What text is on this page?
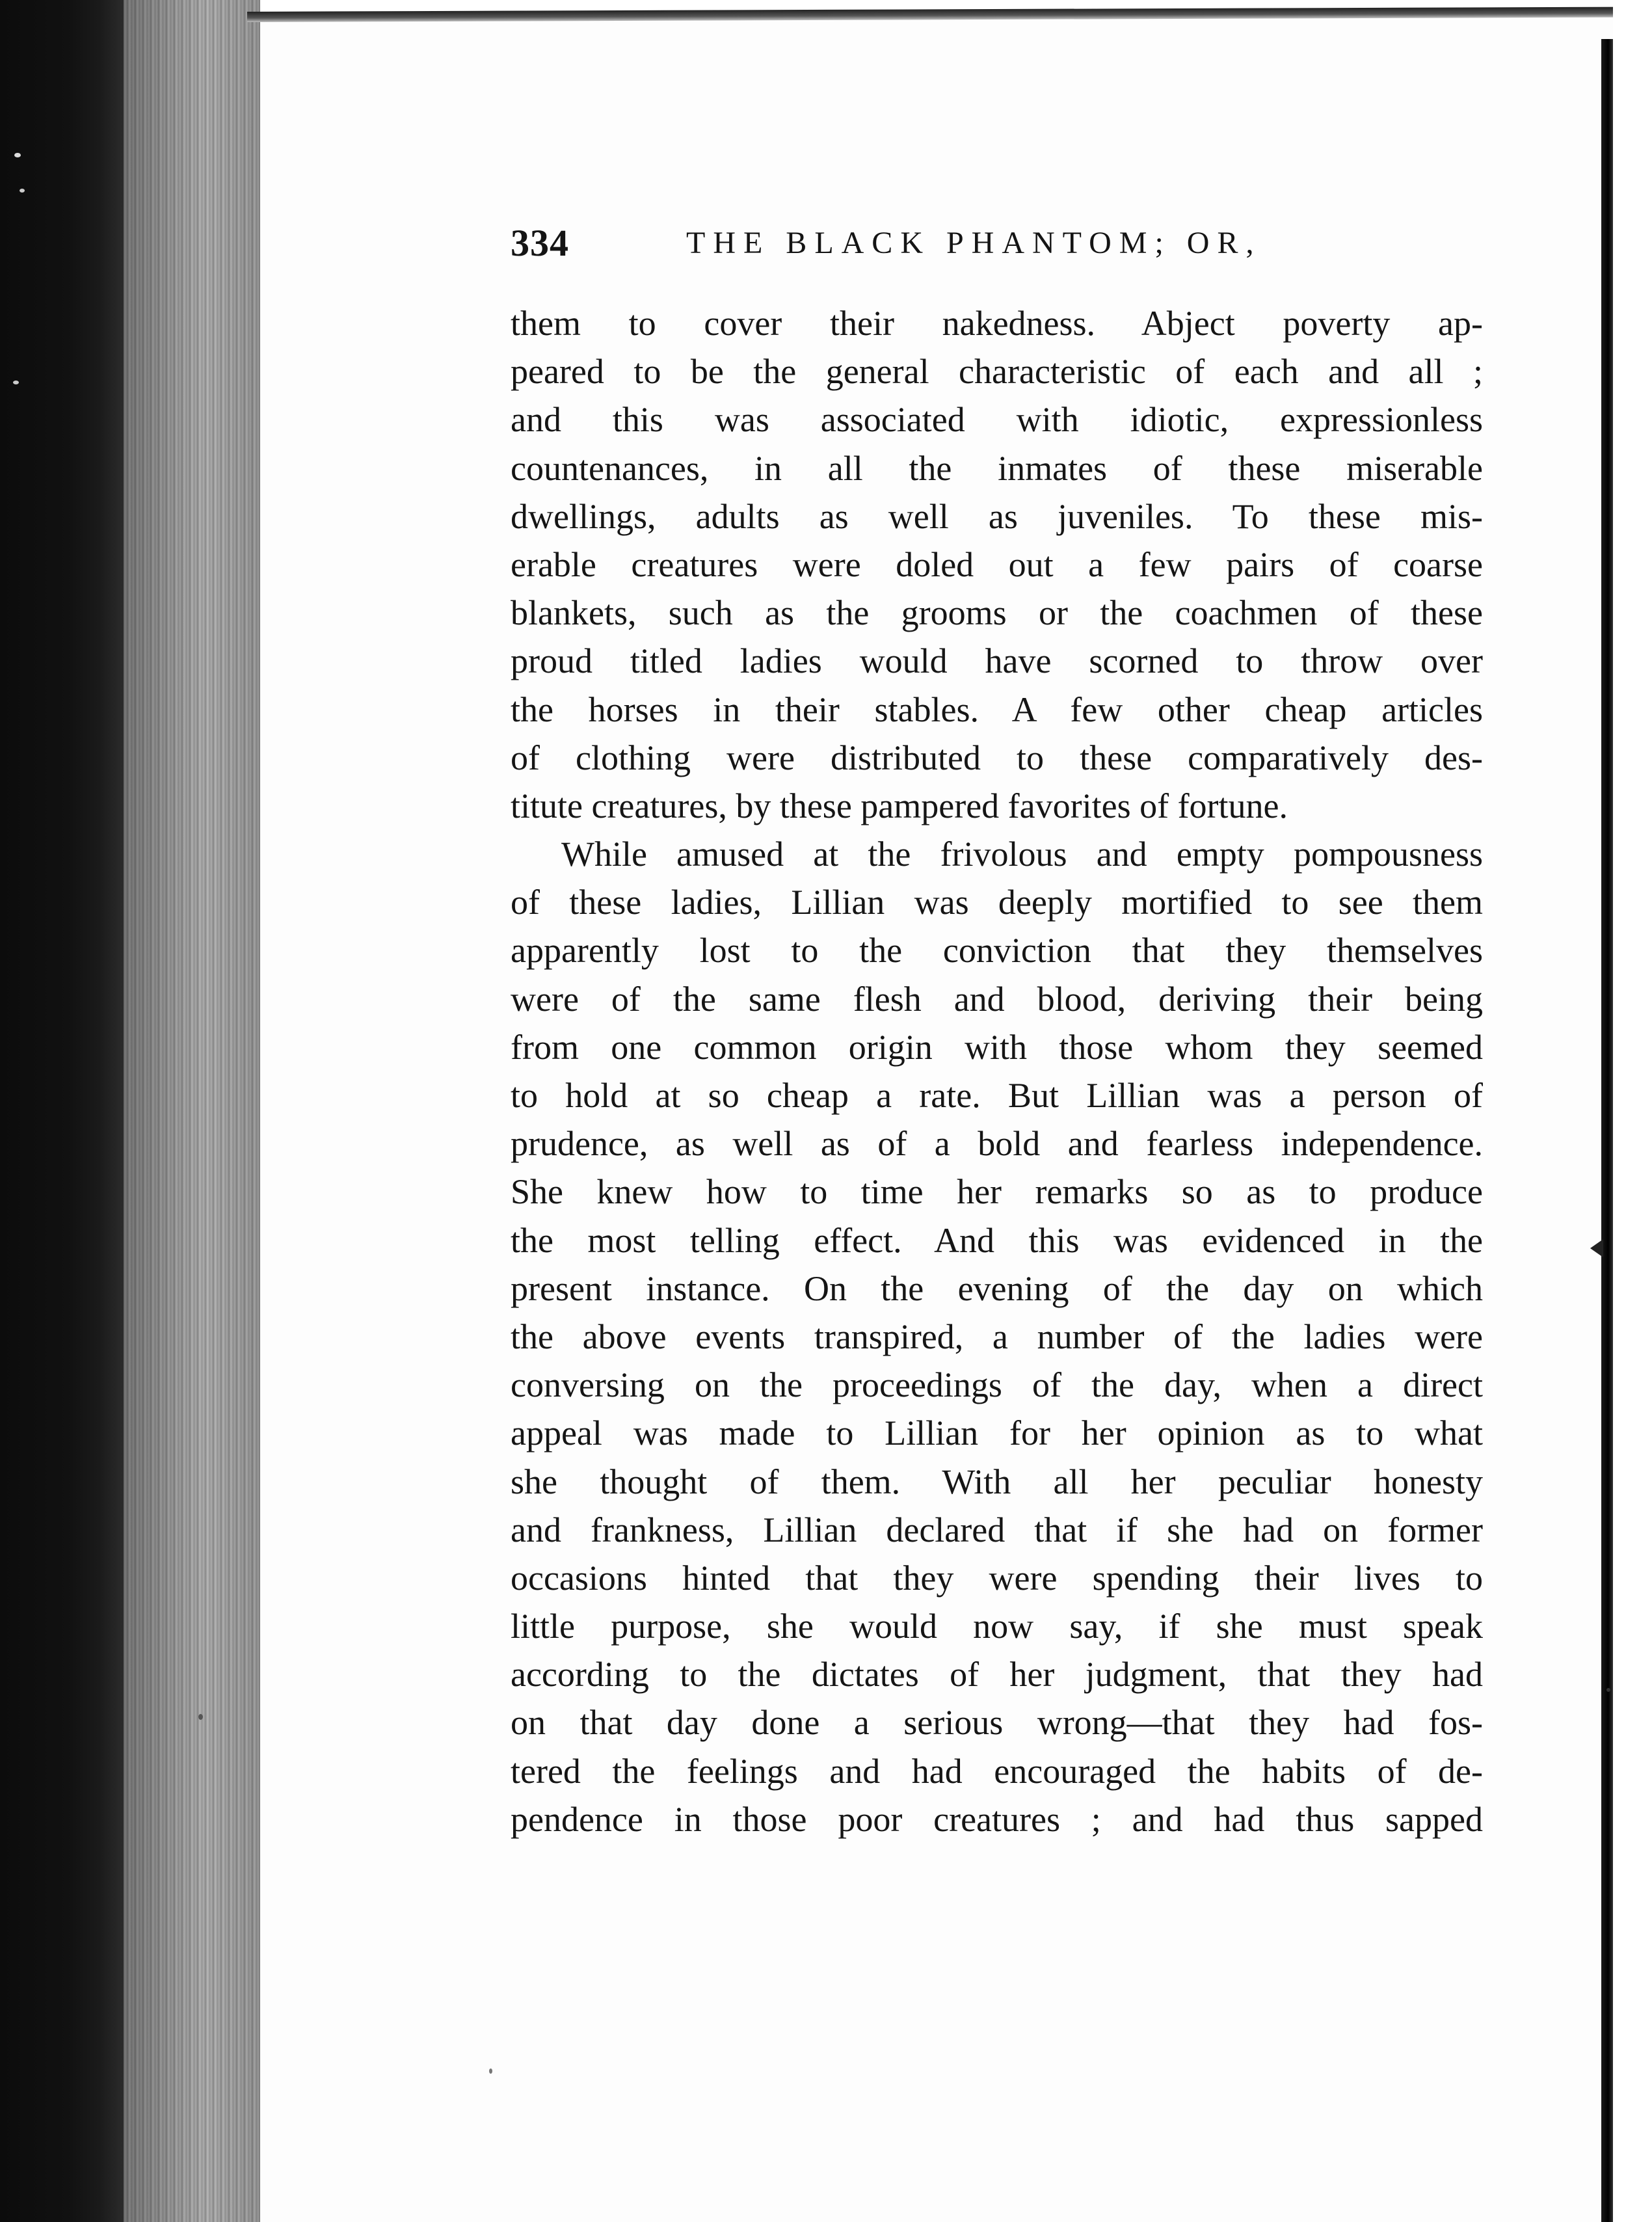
334	THE BLACK PHANTOM; OR,
them to cover their nakedness. Abject poverty ap-
peared to be the general characteristic of each and all ;
and this was associated with idiotic, expressionless
countenances, in all the inmates of these miserable
dwellings, adults as well as juveniles. To these mis-
erable creatures were doled out a few pairs of coarse
blankets, such as the grooms or the coachmen of these
proud titled ladies would have scorned to throw over
the horses in their stables. A few other cheap articles
of clothing were distributed to these comparatively des-
titute creatures, by these pampered favorites of fortune.
While amused at the frivolous and empty pompousness
of these ladies, Lillian was deeply mortified to see them
apparently lost to the conviction that they themselves
were of the same flesh and blood, deriving their being
from one common origin with those whom they seemed
to hold at so cheap a rate. But Lillian was a person of
prudence, as well as of a bold and fearless independence.
She knew how to time her remarks so as to produce
the most telling effect. And this was evidenced in the
present instance. On the evening of the day on which
the above events transpired, a number of the ladies were
conversing on the proceedings of the day, when a direct
appeal was made to Lillian for her opinion as to what
she thought of them. With all her peculiar honesty
and frankness, Lillian declared that if she had on former
occasions hinted that they were spending their lives to
little purpose, she would now say, if she must speak
according to the dictates of her judgment, that they had
on that day done a serious wrong—that they had fos-
tered the feelings and had encouraged the habits of de-
pendence in those poor creatures ; and had thus sapped
